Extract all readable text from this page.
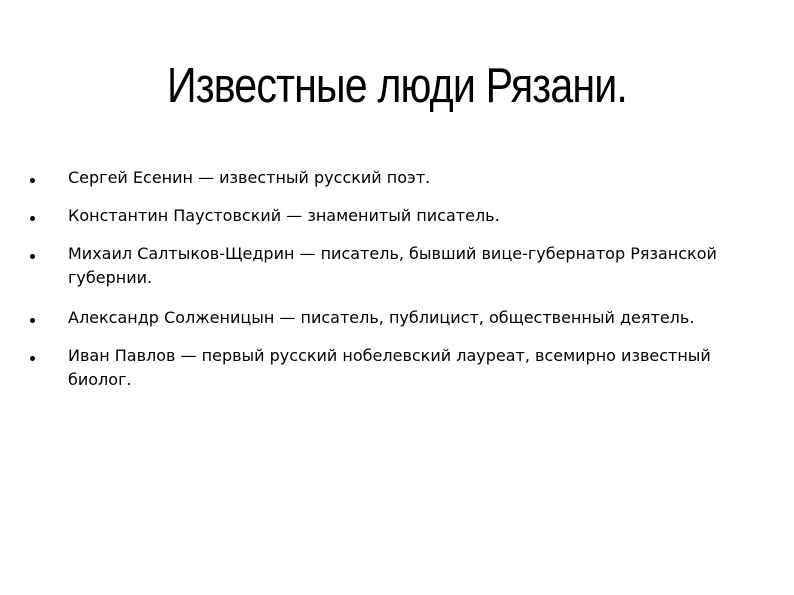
Известные люди Рязани.
Сергей Есенин — известный русский поэт.
Константин Паустовский — знаменитый писатель.
Михаил Салтыков-Щедрин — писатель, бывший вице-губернатор Рязанской губернии.
Александр Солженицын — писатель, публицист, общественный деятель.
Иван Павлов — первый русский нобелевский лауреат, всемирно известный биолог.
